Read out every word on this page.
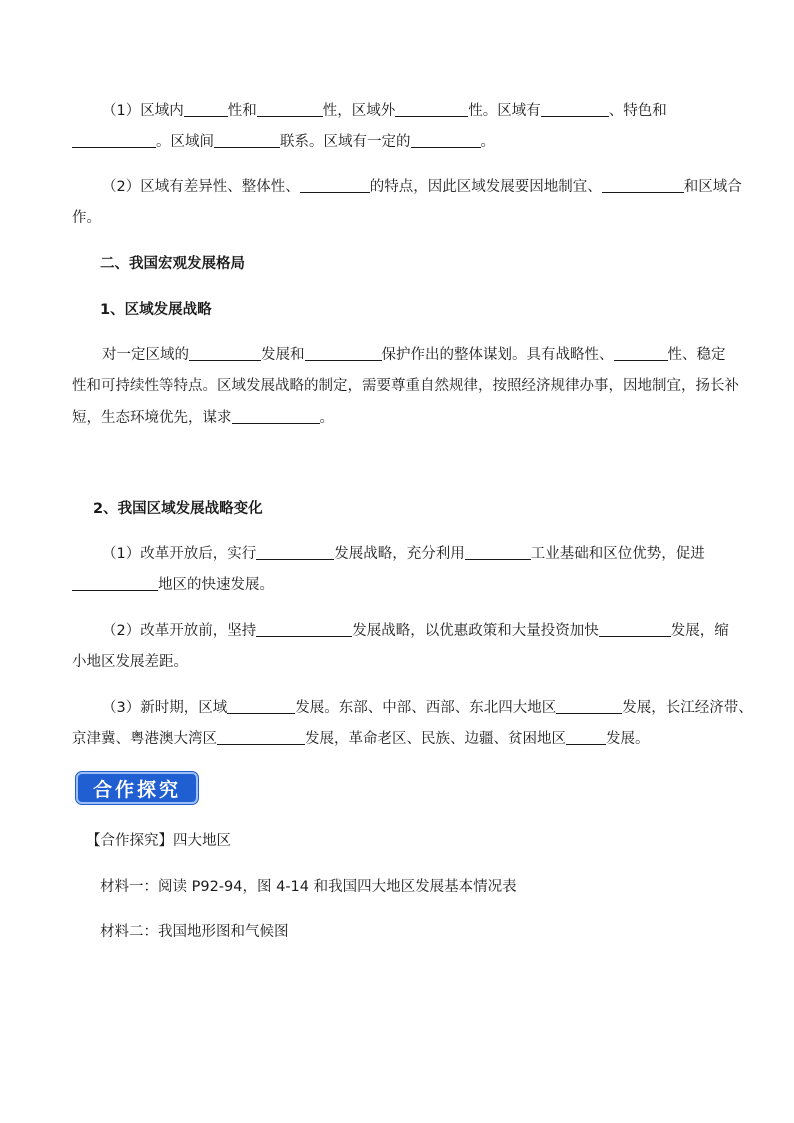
（1）区域内	性和	性，区域外	性。区域有	、特色和
。区域间	联系。区域有一定的	。
（2）区域有差异性、整体性、	的特点，因此区域发展要因地制宜、	和区域合
作。
二、我国宏观发展格局
1、区域发展战略
对一定区域的	发展和	保护作出的整体谋划。具有战略性、	性、稳定
性和可持续性等特点。区域发展战略的制定，需要尊重自然规律，按照经济规律办事，因地制宜，扬长补
短，生态环境优先，谋求	。
2、我国区域发展战略变化
（1）改革开放后，实行	发展战略，充分利用	工业基础和区位优势，促进
地区的快速发展。
（2）改革开放前，坚持	发展战略，以优惠政策和大量投资加快	发展，缩
小地区发展差距。
（3）新时期，区域	发展。东部、中部、西部、东北四大地区	发展，长江经济带、
京津冀、粤港澳大湾区	发展，革命老区、民族、边疆、贫困地区	发展。
合作探究
【合作探究】四大地区
材料一：阅读 P92-94，图 4-14 和我国四大地区发展基本情况表
材料二：我国地形图和气候图
